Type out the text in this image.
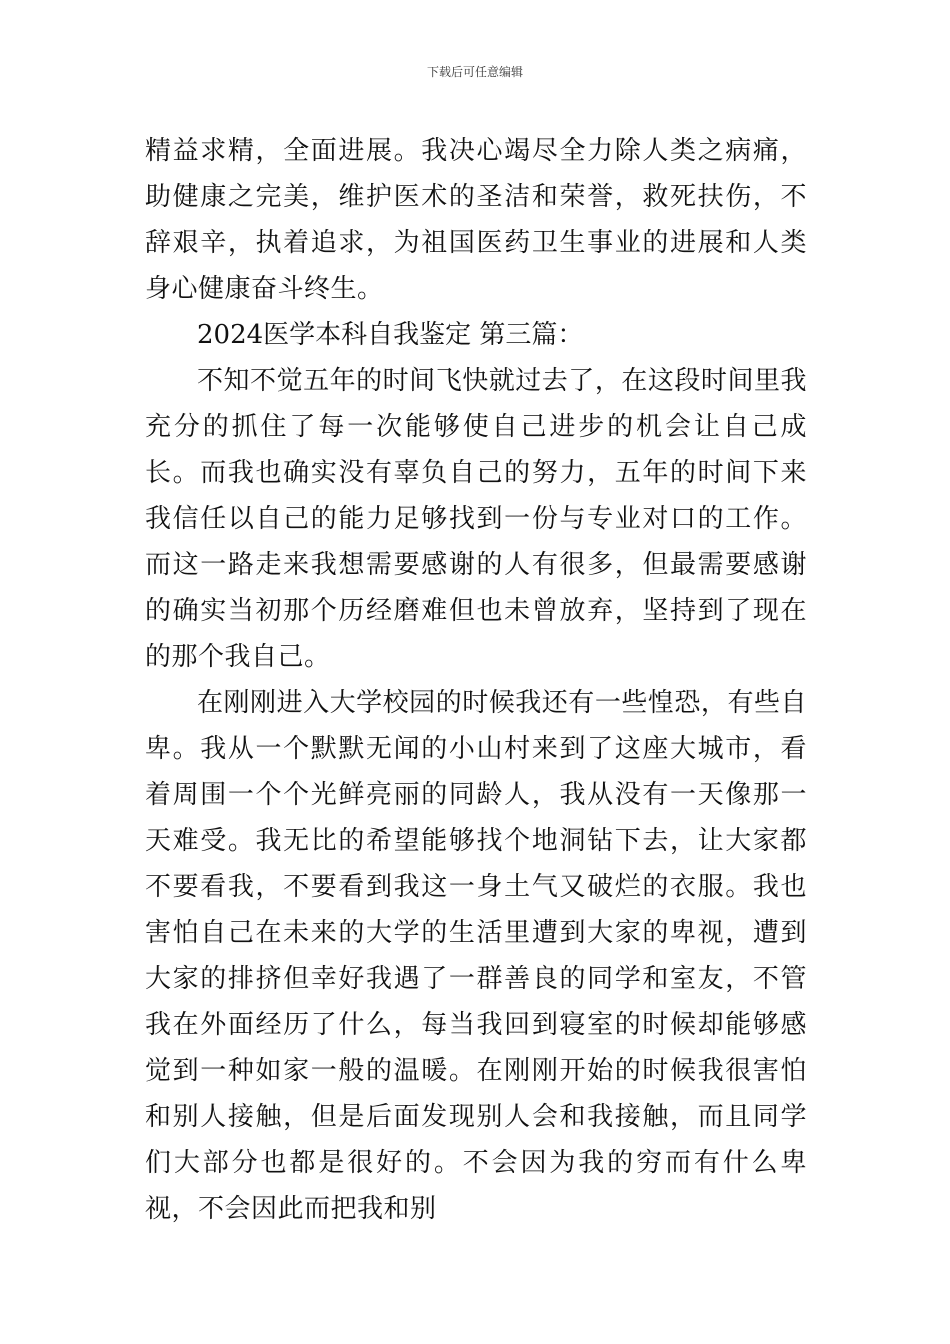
下载后可任意编辑

精益求精，全面进展。我决心竭尽全力除人类之病痛，助健康之完美，维护医术的圣洁和荣誉，救死扶伤，不辞艰辛，执着追求，为祖国医药卫生事业的进展和人类身心健康奋斗终生。

2024医学本科自我鉴定 第三篇：

不知不觉五年的时间飞快就过去了，在这段时间里我充分的抓住了每一次能够使自己进步的机会让自己成长。而我也确实没有辜负自己的努力，五年的时间下来我信任以自己的能力足够找到一份与专业对口的工作。而这一路走来我想需要感谢的人有很多，但最需要感谢的确实当初那个历经磨难但也未曾放弃，坚持到了现在的那个我自己。

在刚刚进入大学校园的时候我还有一些惶恐，有些自卑。我从一个默默无闻的小山村来到了这座大城市，看着周围一个个光鲜亮丽的同龄人，我从没有一天像那一天难受。我无比的希望能够找个地洞钻下去，让大家都不要看我，不要看到我这一身土气又破烂的衣服。我也害怕自己在未来的大学的生活里遭到大家的卑视，遭到大家的排挤但幸好我遇了一群善良的同学和室友，不管我在外面经历了什么，每当我回到寝室的时候却能够感觉到一种如家一般的温暖。在刚刚开始的时候我很害怕和别人接触，但是后面发现别人会和我接触，而且同学们大部分也都是很好的。不会因为我的穷而有什么卑视，不会因此而把我和别
